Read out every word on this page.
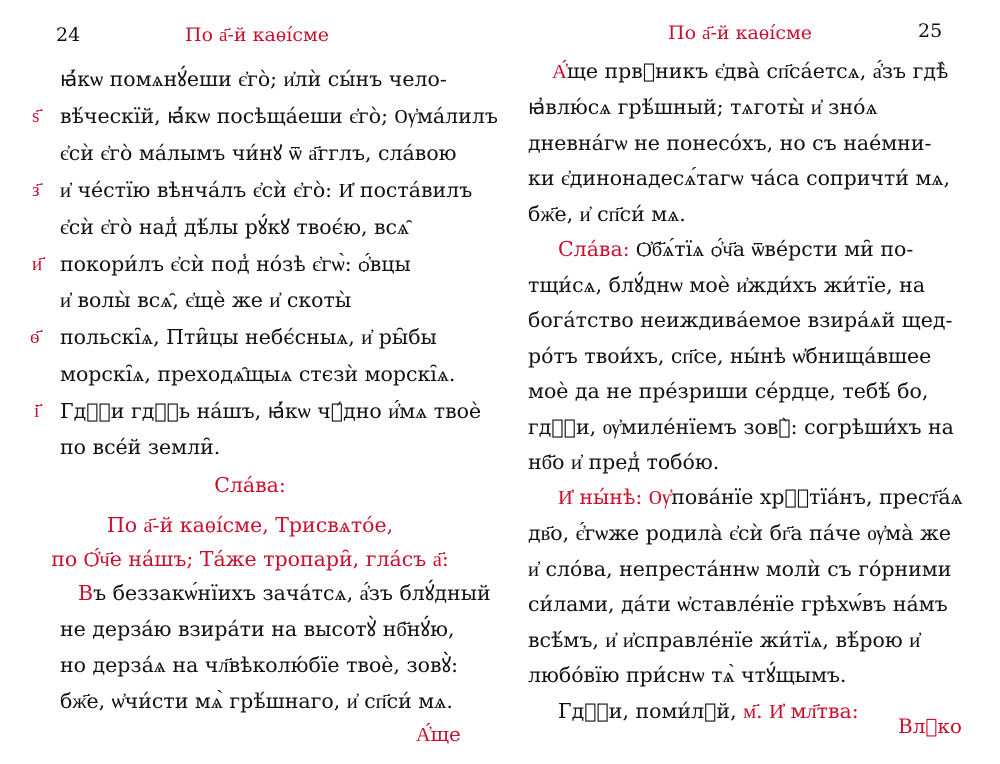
24	По а҃-й каѳі́сме
ѕ҃
з҃
и҃
ѳ҃
і҃
ꙗ҆́кѡ помѧнꙋ́еши є҆го̀; и҆лѝ сы́нъ чело-
вѣ́ческїй, ꙗ҆́кѡ посѣща́еши є҆го̀; Ѹ҆ма́лилъ
є҆сѝ є҆го̀ ма́лымъ чи́нꙋ ѿ а҃гглъ, сла́вою
и҆ че́стїю вѣнча́лъ є҆сѝ є҆го̀: И҆ поста́вилъ
є҆сѝ є҆го̀ над̾ дѣ́лы рꙋ́кꙋ твоє́ю, всѧ̑
покори́лъ є҆сѝ под̾ но́зѣ є҆гѡ̀: ѻ҆́вцы
и҆ волы̀ всѧ̑, є҆щѐ же и҆ скоты̀
польскі̑ѧ, Пти̑цы небє́сныѧ, и҆ ры̑бы
морскі̑ѧ, преходѧ̑щыѧ стєзѝ морскі̑ѧ.
Гдⷭ҇и гдⷭ҇ь на́шъ, ꙗ҆́кѡ чꙋ́дно и҆́мѧ твоѐ
по все́й земли̑.
Сла́ва:
По а҃-й каѳі́сме, Трисвѧто́е,
по Ѻ҆́ч҃е на́шъ; Та́же тропари̑, гла́съ а҃:
Въ беззакѡ́нїихъ зача́тсѧ, а҆́зъ блꙋ́дный
не дерза́ю взира́ти на высотꙋ̀ нб҃нꙋ́ю,
но дерза́ѧ на чл҃вѣколю́бїе твоѐ, зовꙋ̀:
бж҃е, ѡ҆чи́сти мѧ̀ грѣ́шнаго, и҆ сп҃си́ мѧ.
А҆́ще
По а҃-й каѳі́сме	25
А҆́ще првⷣникъ є҆два̀ сп҃са́етсѧ, а҆́зъ гдѣ̀
ꙗ҆влю́сѧ грѣ́шный; тѧготы̀ и҆ зно́ѧ
дневна́гѡ не понесо́хъ, но съ нае́мни-
ки є҆динонадесѧ́тагѡ ча́са сопричти́ мѧ,
бж҃е, и҆ сп҃си́ мѧ.
Сла́ва: Ѻ҆б҃ѧ́тїѧ ѻ҆́ч҃а ѿве́рсти ми̑ по-
тщи́сѧ, блꙋ́днѡ моѐ и҆жди́хъ жи́тїе, на
бога́тство неиждива́емое взира́ѧй щед-
ро́тъ твои́хъ, сп҃се, ны́нѣ ѡ҆бнища́вшее
моѐ да не пре́зриши се́рдце, тебѣ́ бо,
гдⷭ҇и, ѹ҆миле́нїемъ зовꙋ̀: согрѣши́хъ на
нб҃о и҆ пред̾ тобо́ю.
И҆ ны́нѣ: Ѹ҆пова́нїе хрⷭ҇тїа́нъ, прест҃а́ѧ
дв҃о, є҆́гѡже родила̀ є҆сѝ бг҃а па́че ѹ҆ма̀ же
и҆ сло́ва, непреста́ннѡ молѝ съ го́рними
си́лами, да́ти ѡ҆ставле́нїе грѣхѡ́въ на́мъ
всѣ́мъ, и҆ и҆справле́нїе жи́тїѧ, вѣ́рою и҆
любо́вїю при́снѡ тѧ̀ чтꙋ́щымъ.
Гдⷭ҇и, поми́лꙋй, м҃. И҆ мл҃тва:
Влⷣко
